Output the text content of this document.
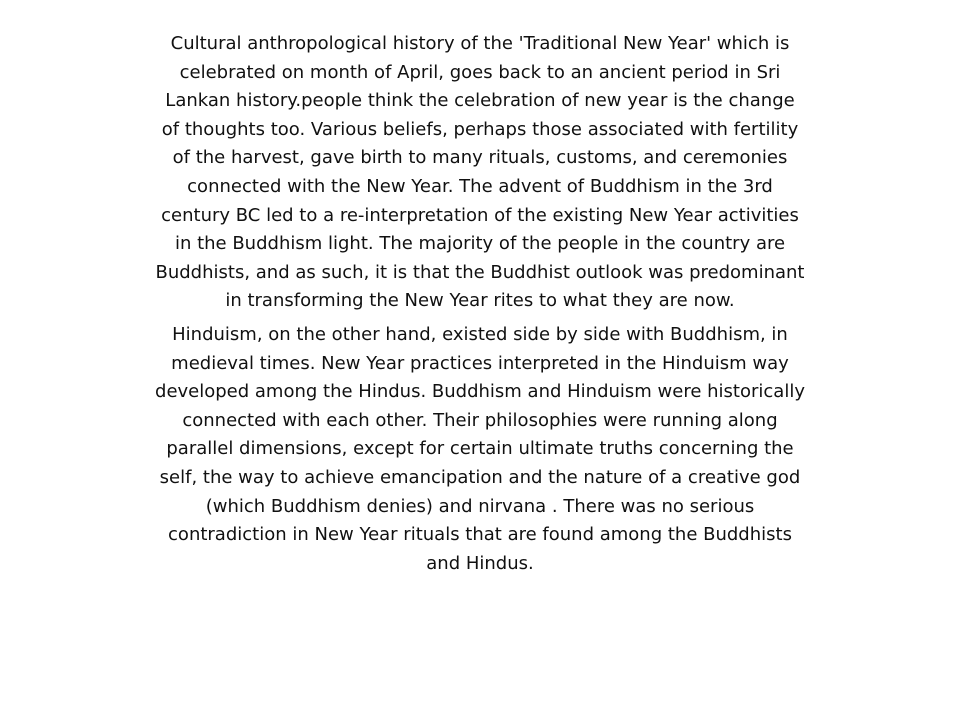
Cultural anthropological history of the 'Traditional New Year' which is celebrated on month of April, goes back to an ancient period in Sri Lankan history.people think the celebration of new year is the change of thoughts too. Various beliefs, perhaps those associated with fertility of the harvest, gave birth to many rituals, customs, and ceremonies connected with the New Year. The advent of Buddhism in the 3rd century BC led to a re-interpretation of the existing New Year activities in the Buddhism light. The majority of the people in the country are Buddhists, and as such, it is that the Buddhist outlook was predominant in transforming the New Year rites to what they are now.

Hinduism, on the other hand, existed side by side with Buddhism, in medieval times. New Year practices interpreted in the Hinduism way developed among the Hindus. Buddhism and Hinduism were historically connected with each other. Their philosophies were running along parallel dimensions, except for certain ultimate truths concerning the self, the way to achieve emancipation and the nature of a creative god (which Buddhism denies) and nirvana . There was no serious contradiction in New Year rituals that are found among the Buddhists and Hindus.
